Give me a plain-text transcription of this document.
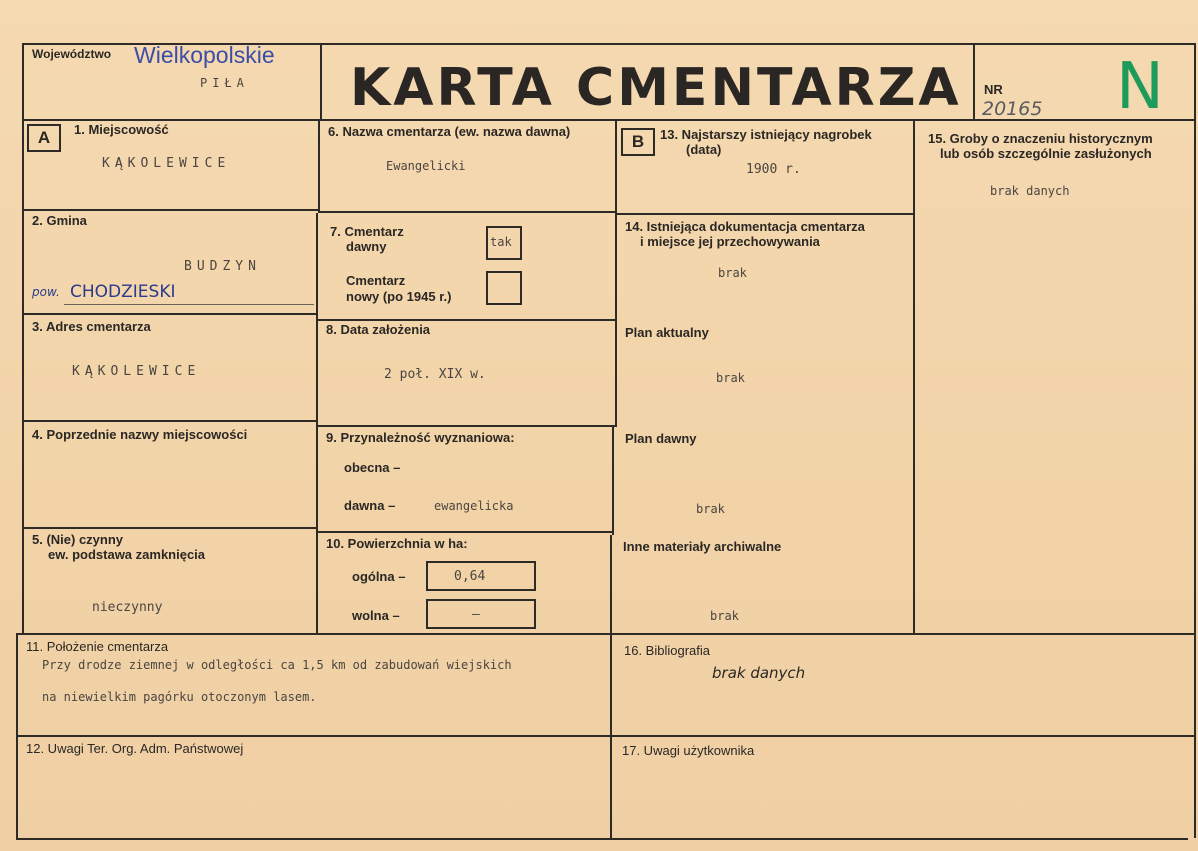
Województwo Wielkopolskie
PIŁA KARTA CMENTARZA NR
20165 N
A	1. Miejscowość
KĄKOLEWICE
2. Gmina
BUDZYN
pow. CHODZIESKI
3. Adres cmentarza
KĄKOLEWICE
4. Poprzednie nazwy miejscowości
5. (Nie) czynny
ew. podstawa zamknięcia
nieczynny
6. Nazwa cmentarza (ew. nazwa dawna)
Ewangelicki
7. Cmentarz
dawny	tak
Cmentarz
nowy (po 1945 r.)
8. Data założenia
2 poł. XIX w.
9. Przynależność wyznaniowa:
obecna –
dawna –	ewangelicka
10. Powierzchnia w ha:
ogólna –	0,64
wolna –	–
B	13. Najstarszy istniejący nagrobek
(data)
1900 r.
14. Istniejąca dokumentacja cmentarza
i miejsce jej przechowywania
brak
Plan aktualny
brak
Plan dawny
brak
Inne materiały archiwalne
brak
15. Groby o znaczeniu historycznym
lub osób szczególnie zasłużonych
brak danych
11. Położenie cmentarza
Przy drodze ziemnej w odległości ca 1,5 km od zabudowań wiejskich
na niewielkim pagórku otoczonym lasem.
16. Bibliografia
brak danych
12. Uwagi Ter. Org. Adm. Państwowej	17. Uwagi użytkownika
